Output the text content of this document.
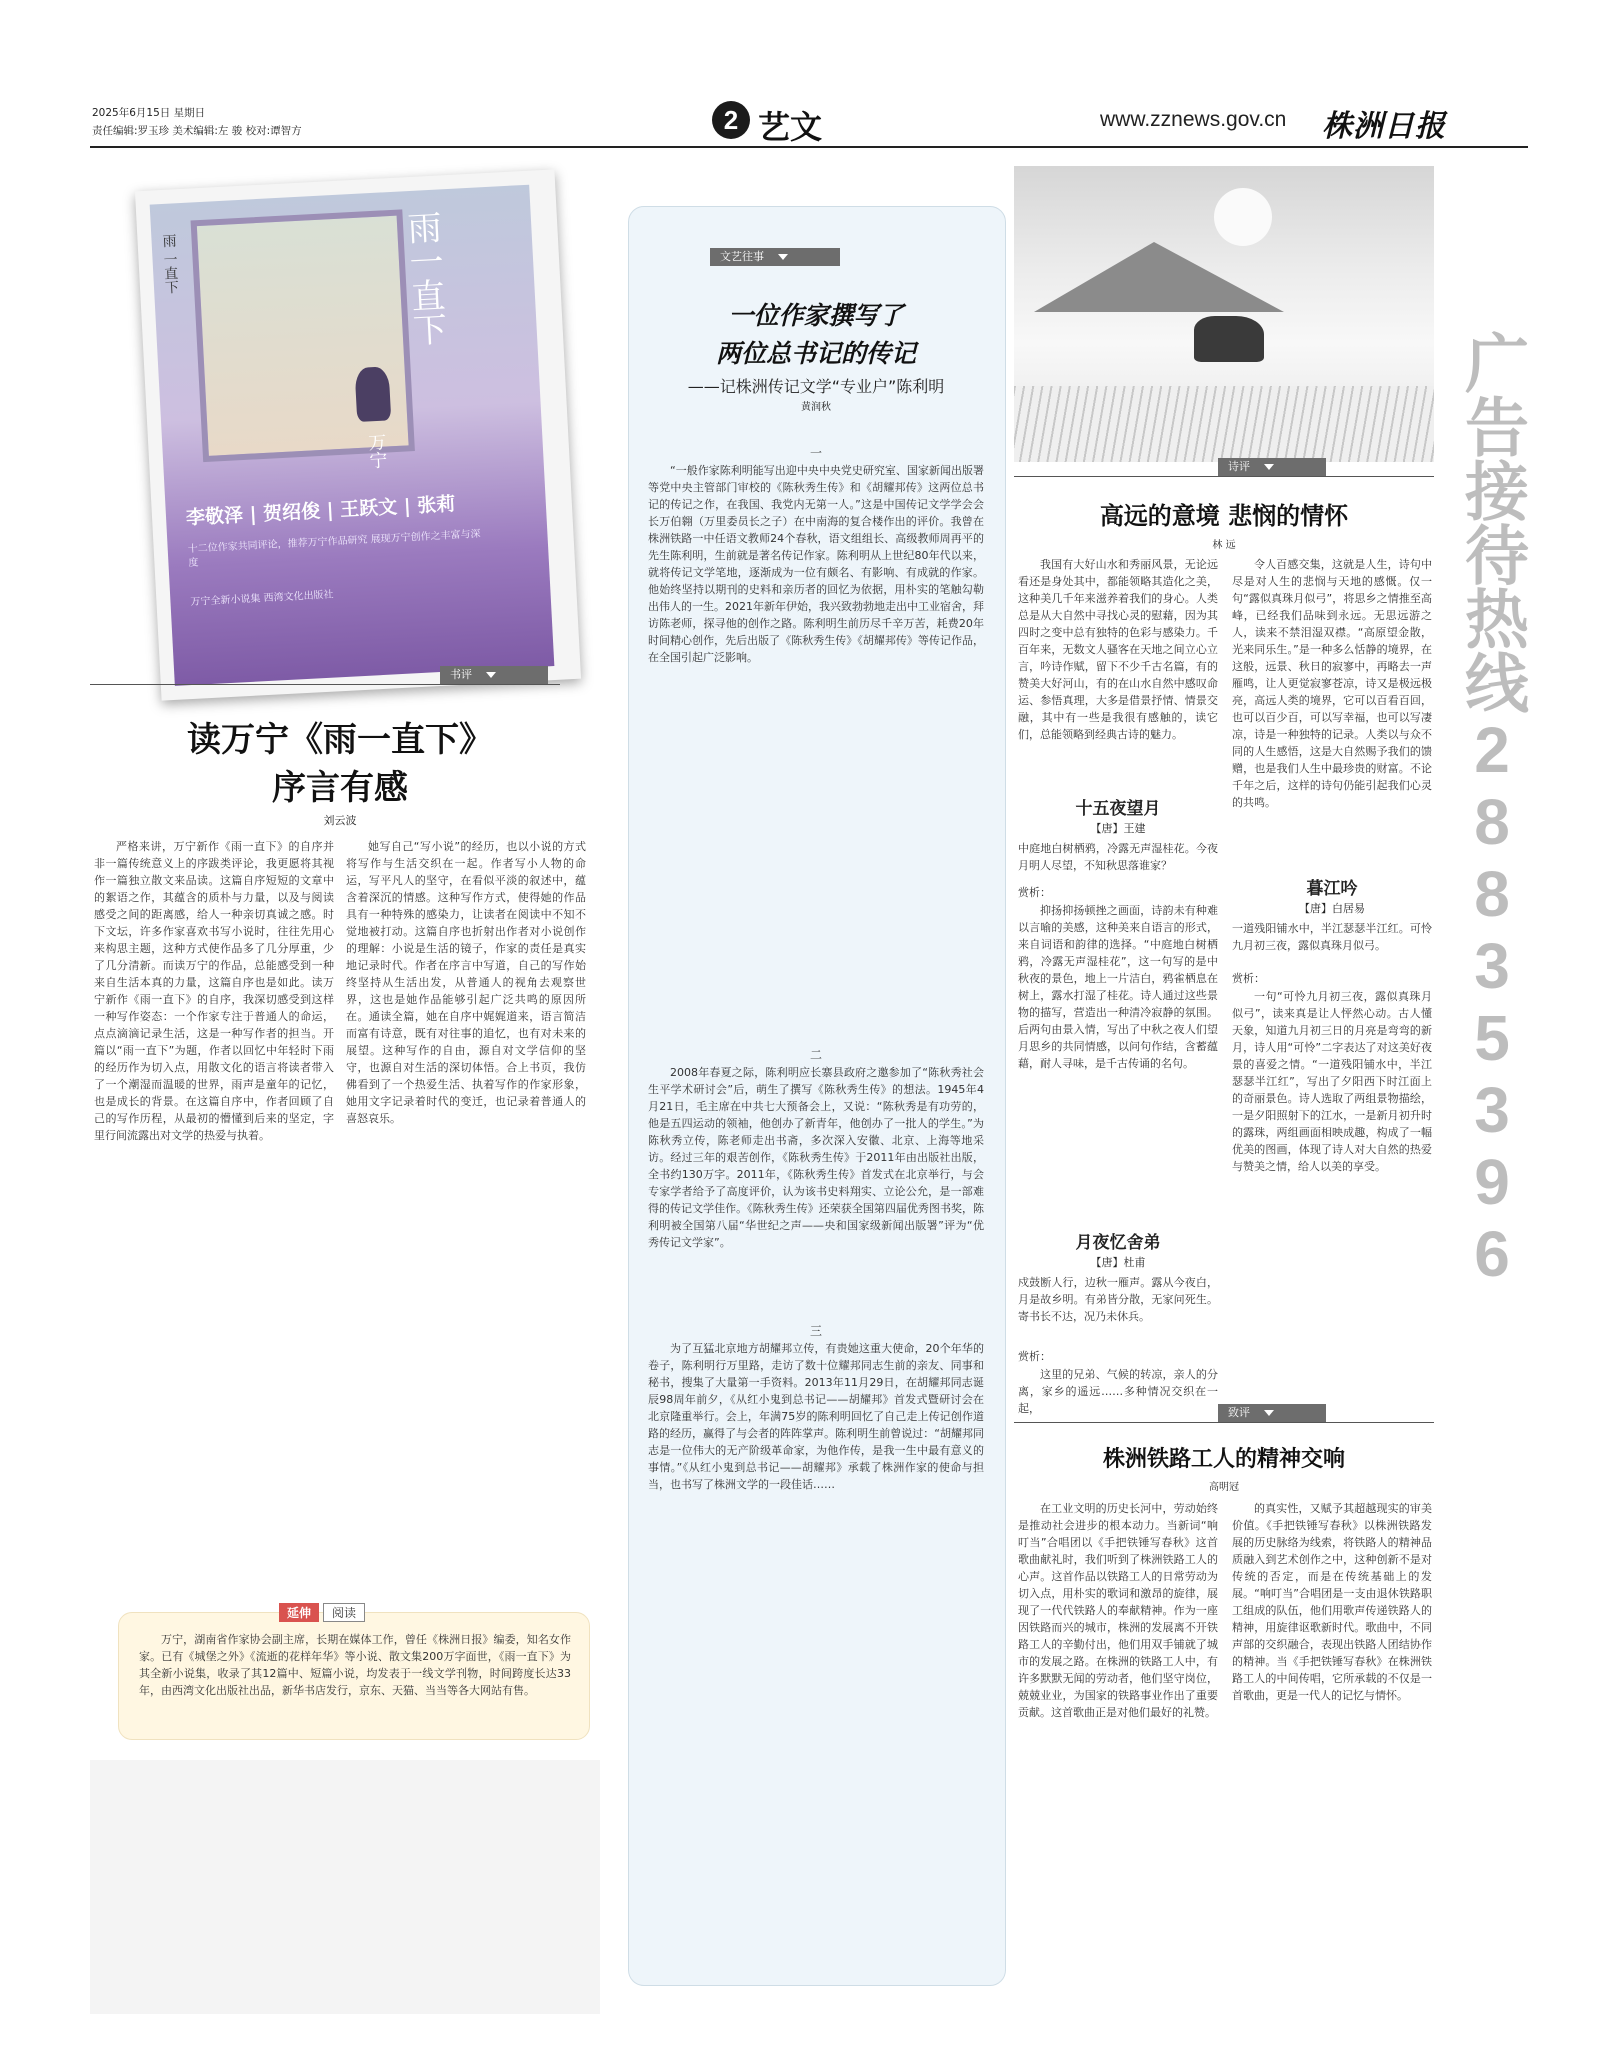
2025年6月15日 星期日
责任编辑:罗玉珍 美术编辑:左 骏 校对:谭智方	2 艺文	www.zznews.gov.cn 株洲日报
广告接待热线28835396
雨一直下
雨 一直下
万宁
李敬泽 | 贺绍俊 | 王跃文 | 张莉
十二位作家共同评论，推荐万宁作品研究 展现万宁创作之丰富与深度
万宁全新小说集 西湾文化出版社
书评
读万宁《雨一直下》
序言有感
刘云波

严格来讲，万宁新作《雨一直下》的自序并非一篇传统意义上的序跋类评论，我更愿将其视作一篇独立散文来品读。这篇自序短短的文章中的絮语之作，其蕴含的质朴与力量，以及与阅读感受之间的距离感，给人一种亲切真诚之感。时下文坛，许多作家喜欢书写小说时，往往先用心来构思主题，这种方式使作品多了几分厚重，少了几分清新。而读万宁的作品，总能感受到一种来自生活本真的力量，这篇自序也是如此。读万宁新作《雨一直下》的自序，我深切感受到这样一种写作姿态：一个作家专注于普通人的命运，点点滴滴记录生活，这是一种写作者的担当。开篇以“雨一直下”为题，作者以回忆中年轻时下雨的经历作为切入点，用散文化的语言将读者带入了一个潮湿而温暖的世界，雨声是童年的记忆，也是成长的背景。在这篇自序中，作者回顾了自己的写作历程，从最初的懵懂到后来的坚定，字里行间流露出对文学的热爱与执着。

她写自己“写小说”的经历，也以小说的方式将写作与生活交织在一起。作者写小人物的命运，写平凡人的坚守，在看似平淡的叙述中，蕴含着深沉的情感。这种写作方式，使得她的作品具有一种特殊的感染力，让读者在阅读中不知不觉地被打动。这篇自序也折射出作者对小说创作的理解：小说是生活的镜子，作家的责任是真实地记录时代。作者在序言中写道，自己的写作始终坚持从生活出发，从普通人的视角去观察世界，这也是她作品能够引起广泛共鸣的原因所在。通读全篇，她在自序中娓娓道来，语言简洁而富有诗意，既有对往事的追忆，也有对未来的展望。这种写作的自由，源自对文学信仰的坚守，也源自对生活的深切体悟。合上书页，我仿佛看到了一个热爱生活、执着写作的作家形象，她用文字记录着时代的变迁，也记录着普通人的喜怒哀乐。

延伸	阅读

万宁，湖南省作家协会副主席，长期在媒体工作，曾任《株洲日报》编委，知名女作家。已有《城堡之外》《流逝的花样年华》等小说、散文集200万字面世，《雨一直下》为其全新小说集，收录了其12篇中、短篇小说，均发表于一线文学刊物，时间跨度长达33年，由西湾文化出版社出品，新华书店发行，京东、天猫、当当等各大网站有售。

文艺往事
一位作家撰写了
两位总书记的传记
——记株洲传记文学“专业户”陈利明
黄润秋
一

“一般作家陈利明能写出迎中央中央党史研究室、国家新闻出版署等党中央主管部门审校的《陈秋秀生传》和《胡耀邦传》这两位总书记的传记之作，在我国、我党内无第一人。”这是中国传记文学学会会长万伯翱（万里委员长之子）在中南海的复合楼作出的评价。我曾在株洲铁路一中任语文教师24个春秋，语文组组长、高级教师周再平的先生陈利明，生前就是著名传记作家。陈利明从上世纪80年代以来，就将传记文学笔地，逐渐成为一位有颇名、有影响、有成就的作家。他始终坚持以期刊的史料和亲历者的回忆为依据，用朴实的笔触勾勒出伟人的一生。2021年新年伊始，我兴致勃勃地走出中工业宿舍，拜访陈老师，探寻他的创作之路。陈利明生前历尽千辛万苦，耗费20年时间精心创作，先后出版了《陈秋秀生传》《胡耀邦传》等传记作品，在全国引起广泛影响。

二

2008年春夏之际，陈利明应长寨县政府之邀参加了“陈秋秀社会生平学术研讨会”后，萌生了撰写《陈秋秀生传》的想法。1945年4月21日，毛主席在中共七大预备会上，又说：“陈秋秀是有功劳的，他是五四运动的领袖，他创办了新青年，他创办了一批人的学生。”为陈秋秀立传，陈老师走出书斋，多次深入安徽、北京、上海等地采访。经过三年的艰苦创作，《陈秋秀生传》于2011年由出版社出版，全书约130万字。2011年，《陈秋秀生传》首发式在北京举行，与会专家学者给予了高度评价，认为该书史料翔实、立论公允，是一部难得的传记文学佳作。《陈秋秀生传》还荣获全国第四届优秀图书奖，陈利明被全国第八届“华世纪之声——央和国家级新闻出版署”评为“优秀传记文学家”。

三

为了互猛北京地方胡耀邦立传，有贵她这重大使命，20个年华的卷子，陈利明行万里路，走访了数十位耀邦同志生前的亲友、同事和秘书，搜集了大量第一手资料。2013年11月29日，在胡耀邦同志诞辰98周年前夕，《从红小鬼到总书记——胡耀邦》首发式暨研讨会在北京隆重举行。会上，年满75岁的陈利明回忆了自己走上传记创作道路的经历，赢得了与会者的阵阵掌声。陈利明生前曾说过：“胡耀邦同志是一位伟大的无产阶级革命家，为他作传，是我一生中最有意义的事情。”《从红小鬼到总书记——胡耀邦》承载了株洲作家的使命与担当，也书写了株洲文学的一段佳话……

诗评
高远的意境 悲悯的情怀
林 远

我国有大好山水和秀丽风景，无论远看还是身处其中，都能领略其造化之美，这种美几千年来滋养着我们的身心。人类总是从大自然中寻找心灵的慰藉，因为其四时之变中总有独特的色彩与感染力。千百年来，无数文人骚客在天地之间立心立言，吟诗作赋，留下不少千古名篇，有的赞美大好河山，有的在山水自然中感叹命运、参悟真理，大多是借景抒情、情景交融，其中有一些是我很有感触的，读它们，总能领略到经典古诗的魅力。

令人百感交集，这就是人生，诗句中尽是对人生的悲悯与天地的感慨。仅一句“露似真珠月似弓”，将思乡之情推至高峰，已经我们品味到永远。无思远游之人，读来不禁泪湿双襟。“高原望金散，光来同乐生。”是一种多么恬静的境界，在这般，远景、秋日的寂寥中，再略去一声雁鸣，让人更觉寂寥苍凉，诗又是极远极亮，高远人类的境界，它可以百看百回，也可以百少百，可以写幸福，也可以写凄凉，诗是一种独特的记录。人类以与众不同的人生感悟，这是大自然赐予我们的馈赠，也是我们人生中最珍贵的财富。不论千年之后，这样的诗句仍能引起我们心灵的共鸣。

十五夜望月
【唐】王建
中庭地白树栖鸦，冷露无声湿桂花。今夜月明人尽望，不知秋思落谁家？
赏析：

抑扬抑扬顿挫之画面，诗韵未有种难以言喻的美感，这种美来自语言的形式，来自词语和韵律的选择。“中庭地白树栖鸦，冷露无声湿桂花”，这一句写的是中秋夜的景色，地上一片洁白，鸦雀栖息在树上，露水打湿了桂花。诗人通过这些景物的描写，营造出一种清冷寂静的氛围。后两句由景入情，写出了中秋之夜人们望月思乡的共同情感，以问句作结，含蓄蕴藉，耐人寻味，是千古传诵的名句。

月夜忆舍弟
【唐】杜甫
戍鼓断人行，边秋一雁声。露从今夜白，月是故乡明。有弟皆分散，无家问死生。寄书长不达，况乃未休兵。
赏析：

这里的兄弟、气候的转凉，亲人的分离，家乡的遥远……多种情况交织在一起，

暮江吟
【唐】白居易
一道残阳铺水中，半江瑟瑟半江红。可怜九月初三夜，露似真珠月似弓。
赏析：

一句“可怜九月初三夜，露似真珠月似弓”，读来真是让人怦然心动。古人懂天象，知道九月初三日的月亮是弯弯的新月，诗人用“可怜”二字表达了对这美好夜景的喜爱之情。“一道残阳铺水中，半江瑟瑟半江红”，写出了夕阳西下时江面上的奇丽景色。诗人选取了两组景物描绘，一是夕阳照射下的江水，一是新月初升时的露珠，两组画面相映成趣，构成了一幅优美的图画，体现了诗人对大自然的热爱与赞美之情，给人以美的享受。

致评
株洲铁路工人的精神交响
高明冠

在工业文明的历史长河中，劳动始终是推动社会进步的根本动力。当新词“响叮当”合唱团以《手把铁锤写春秋》这首歌曲献礼时，我们听到了株洲铁路工人的心声。这首作品以铁路工人的日常劳动为切入点，用朴实的歌词和激昂的旋律，展现了一代代铁路人的奉献精神。作为一座因铁路而兴的城市，株洲的发展离不开铁路工人的辛勤付出，他们用双手铺就了城市的发展之路。在株洲的铁路工人中，有许多默默无闻的劳动者，他们坚守岗位，兢兢业业，为国家的铁路事业作出了重要贡献。这首歌曲正是对他们最好的礼赞。

的真实性，又赋予其超越现实的审美价值。《手把铁锤写春秋》以株洲铁路发展的历史脉络为线索，将铁路人的精神品质融入到艺术创作之中，这种创新不是对传统的否定，而是在传统基础上的发展。“响叮当”合唱团是一支由退休铁路职工组成的队伍，他们用歌声传递铁路人的精神，用旋律讴歌新时代。歌曲中，不同声部的交织融合，表现出铁路人团结协作的精神。当《手把铁锤写春秋》在株洲铁路工人的中间传唱，它所承载的不仅是一首歌曲，更是一代人的记忆与情怀。
